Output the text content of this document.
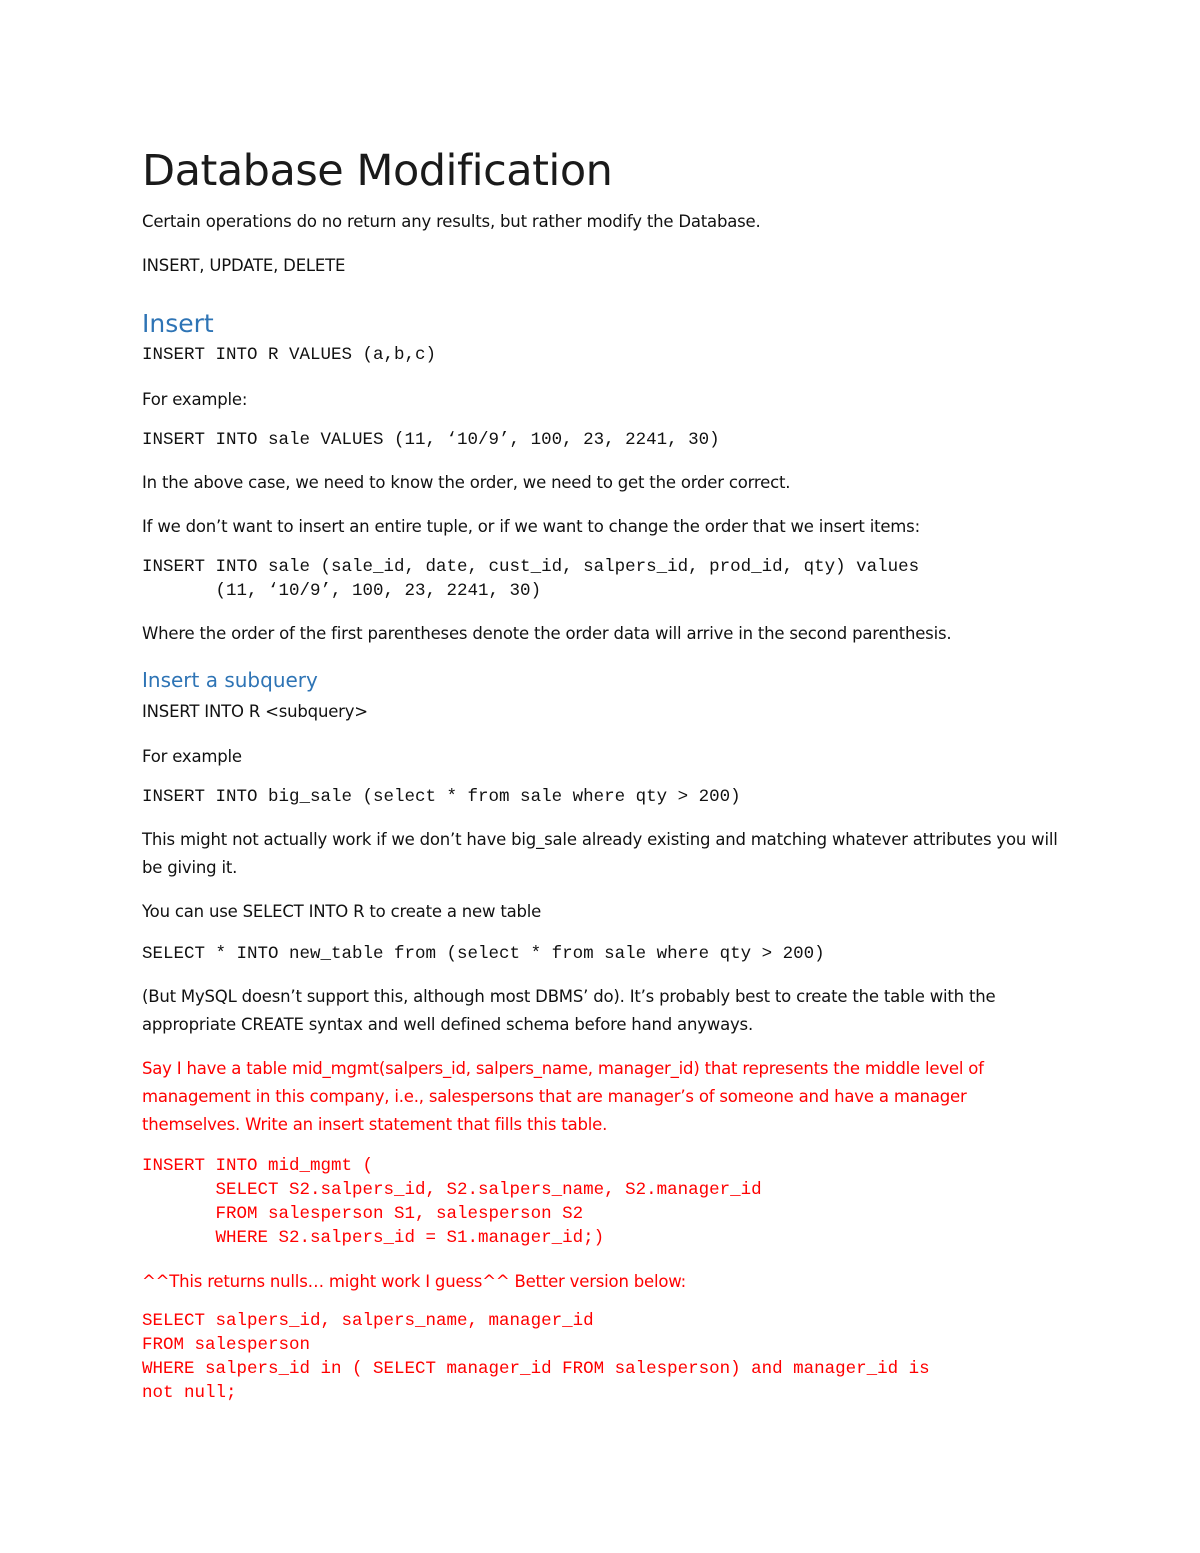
Database Modification

Certain operations do no return any results, but rather modify the Database.

INSERT, UPDATE, DELETE

Insert
INSERT INTO R VALUES (a,b,c)

For example:

INSERT INTO sale VALUES (11, ‘10/9’, 100, 23, 2241, 30)

In the above case, we need to know the order, we need to get the order correct.

If we don’t want to insert an entire tuple, or if we want to change the order that we insert items:

INSERT INTO sale (sale_id, date, cust_id, salpers_id, prod_id, qty) values
(11, ‘10/9’, 100, 23, 2241, 30)

Where the order of the first parentheses denote the order data will arrive in the second parenthesis.

Insert a subquery

INSERT INTO R <subquery>

For example

INSERT INTO big_sale (select * from sale where qty > 200)

This might not actually work if we don’t have big_sale already existing and matching whatever attributes you will be giving it.

You can use SELECT INTO R to create a new table

SELECT * INTO new_table from (select * from sale where qty > 200)

(But MySQL doesn’t support this, although most DBMS’ do). It’s probably best to create the table with the appropriate CREATE syntax and well defined schema before hand anyways.

Say I have a table mid_mgmt(salpers_id, salpers_name, manager_id) that represents the middle level of management in this company, i.e., salespersons that are manager’s of someone and have a manager themselves. Write an insert statement that fills this table.

INSERT INTO mid_mgmt (
SELECT S2.salpers_id, S2.salpers_name, S2.manager_id
FROM salesperson S1, salesperson S2
WHERE S2.salpers_id = S1.manager_id;)

^^This returns nulls… might work I guess^^ Better version below:

SELECT salpers_id, salpers_name, manager_id
FROM salesperson
WHERE salpers_id in ( SELECT manager_id FROM salesperson) and manager_id is
not null;
